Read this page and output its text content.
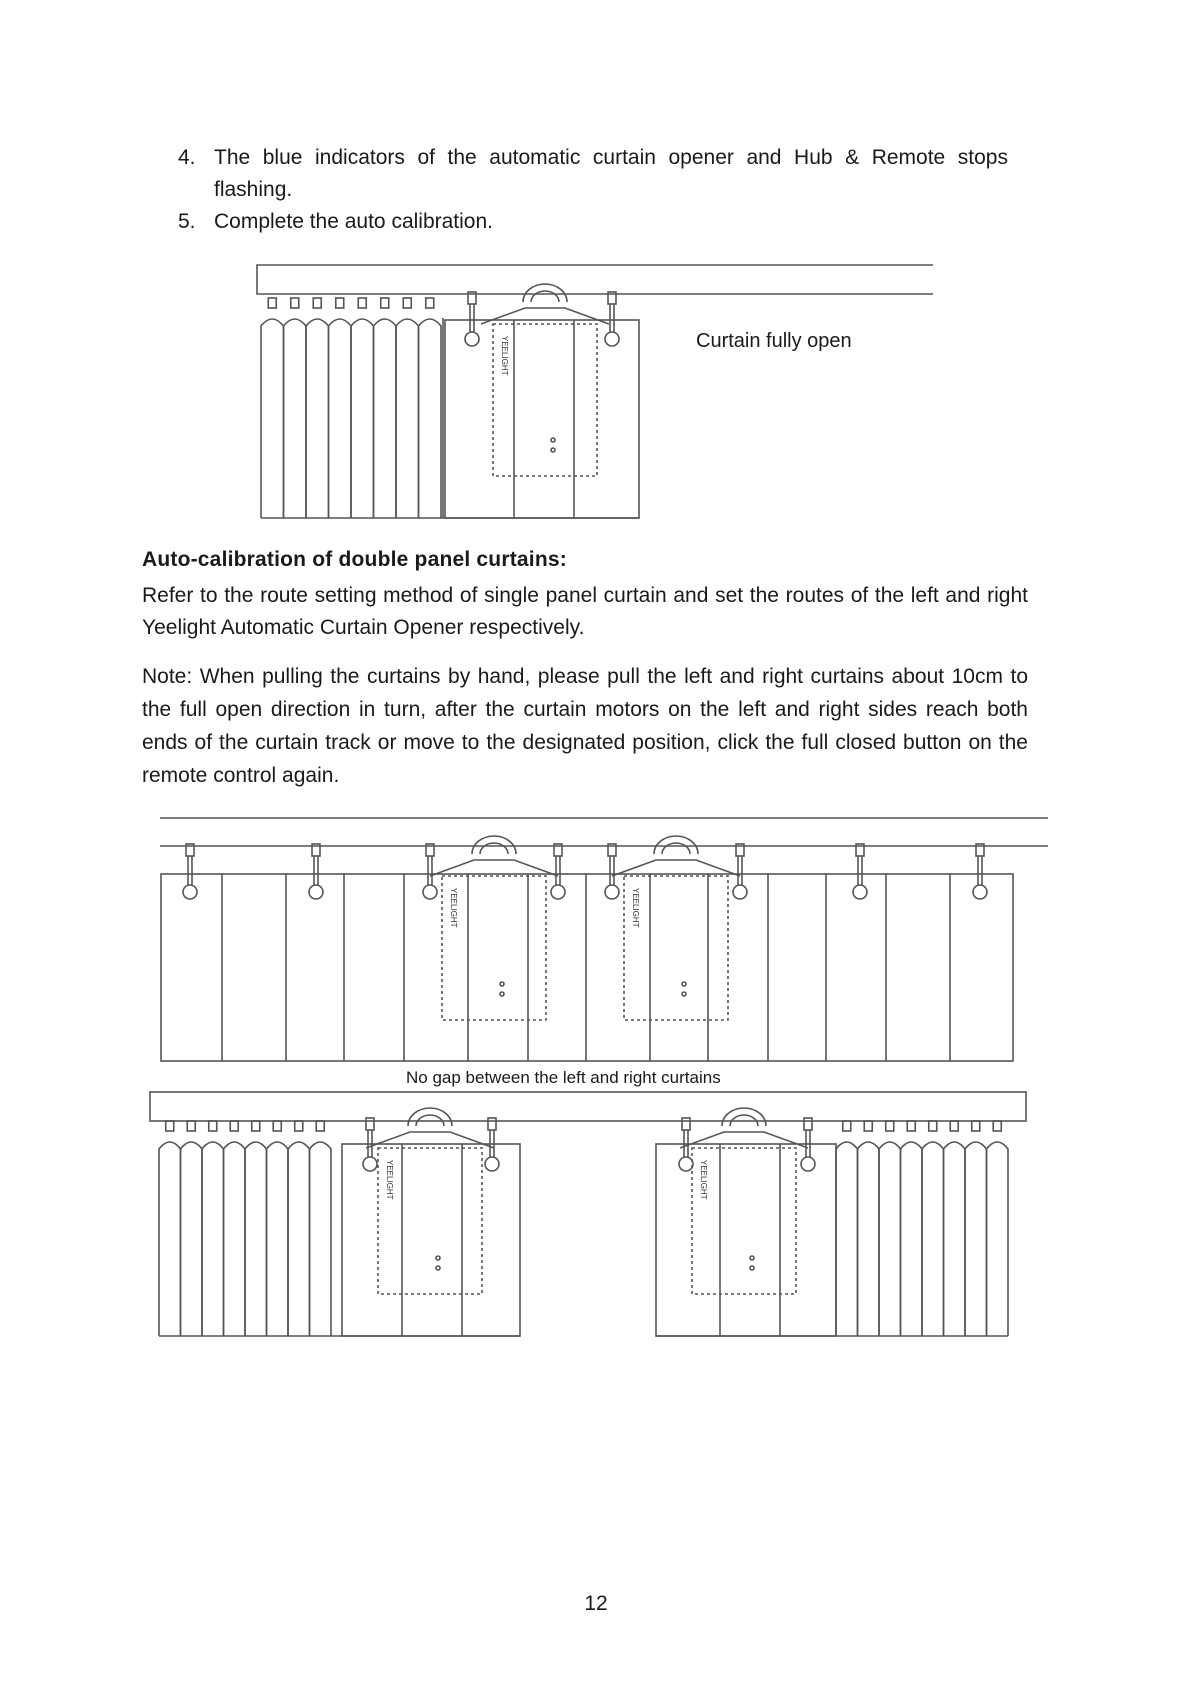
4. The blue indicators of the automatic curtain opener and Hub & Remote stops flashing.
5. Complete the auto calibration.
YEELIGHT
YEELIGHT	YEELIGHT
YEELIGHT	YEELIGHT
Curtain fully open
Auto-calibration of double panel curtains:

Refer to the route setting method of single panel curtain and set the routes of the left and right Yeelight Automatic Curtain Opener respectively.

Note: When pulling the curtains by hand, please pull the left and right curtains about 10cm to the full open direction in turn, after the curtain motors on the left and right sides reach both ends of the curtain track or move to the designated position, click the full closed button on the remote control again.

No gap between the left and right curtains
12
